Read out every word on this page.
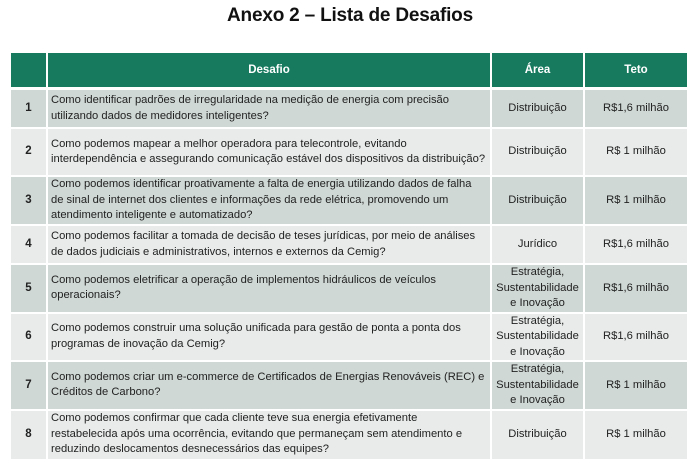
Anexo 2 – Lista de Desafios
	Desafio	Área	Teto
1	Como identificar padrões de irregularidade na medição de energia com precisão utilizando dados de medidores inteligentes?	Distribuição	R$1,6 milhão
2	Como podemos mapear a melhor operadora para telecontrole, evitando interdependência e assegurando comunicação estável dos dispositivos da distribuição?	Distribuição	R$ 1 milhão
3	Como podemos identificar proativamente a falta de energia utilizando dados de falha de sinal de internet dos clientes e informações da rede elétrica, promovendo um atendimento inteligente e automatizado?	Distribuição	R$ 1 milhão
4	Como podemos facilitar a tomada de decisão de teses jurídicas, por meio de análises de dados judiciais e administrativos, internos e externos da Cemig?	Jurídico	R$1,6 milhão
5	Como podemos eletrificar a operação de implementos hidráulicos de veículos operacionais?	Estratégia, Sustentabilidade e Inovação	R$1,6 milhão
6	Como podemos construir uma solução unificada para gestão de ponta a ponta dos programas de inovação da Cemig?	Estratégia, Sustentabilidade e Inovação	R$1,6 milhão
7	Como podemos criar um e-commerce de Certificados de Energias Renováveis (REC) e Créditos de Carbono?	Estratégia, Sustentabilidade e Inovação	R$ 1 milhão
8	Como podemos confirmar que cada cliente teve sua energia efetivamente restabelecida após uma ocorrência, evitando que permaneçam sem atendimento e reduzindo deslocamentos desnecessários das equipes?	Distribuição	R$ 1 milhão
